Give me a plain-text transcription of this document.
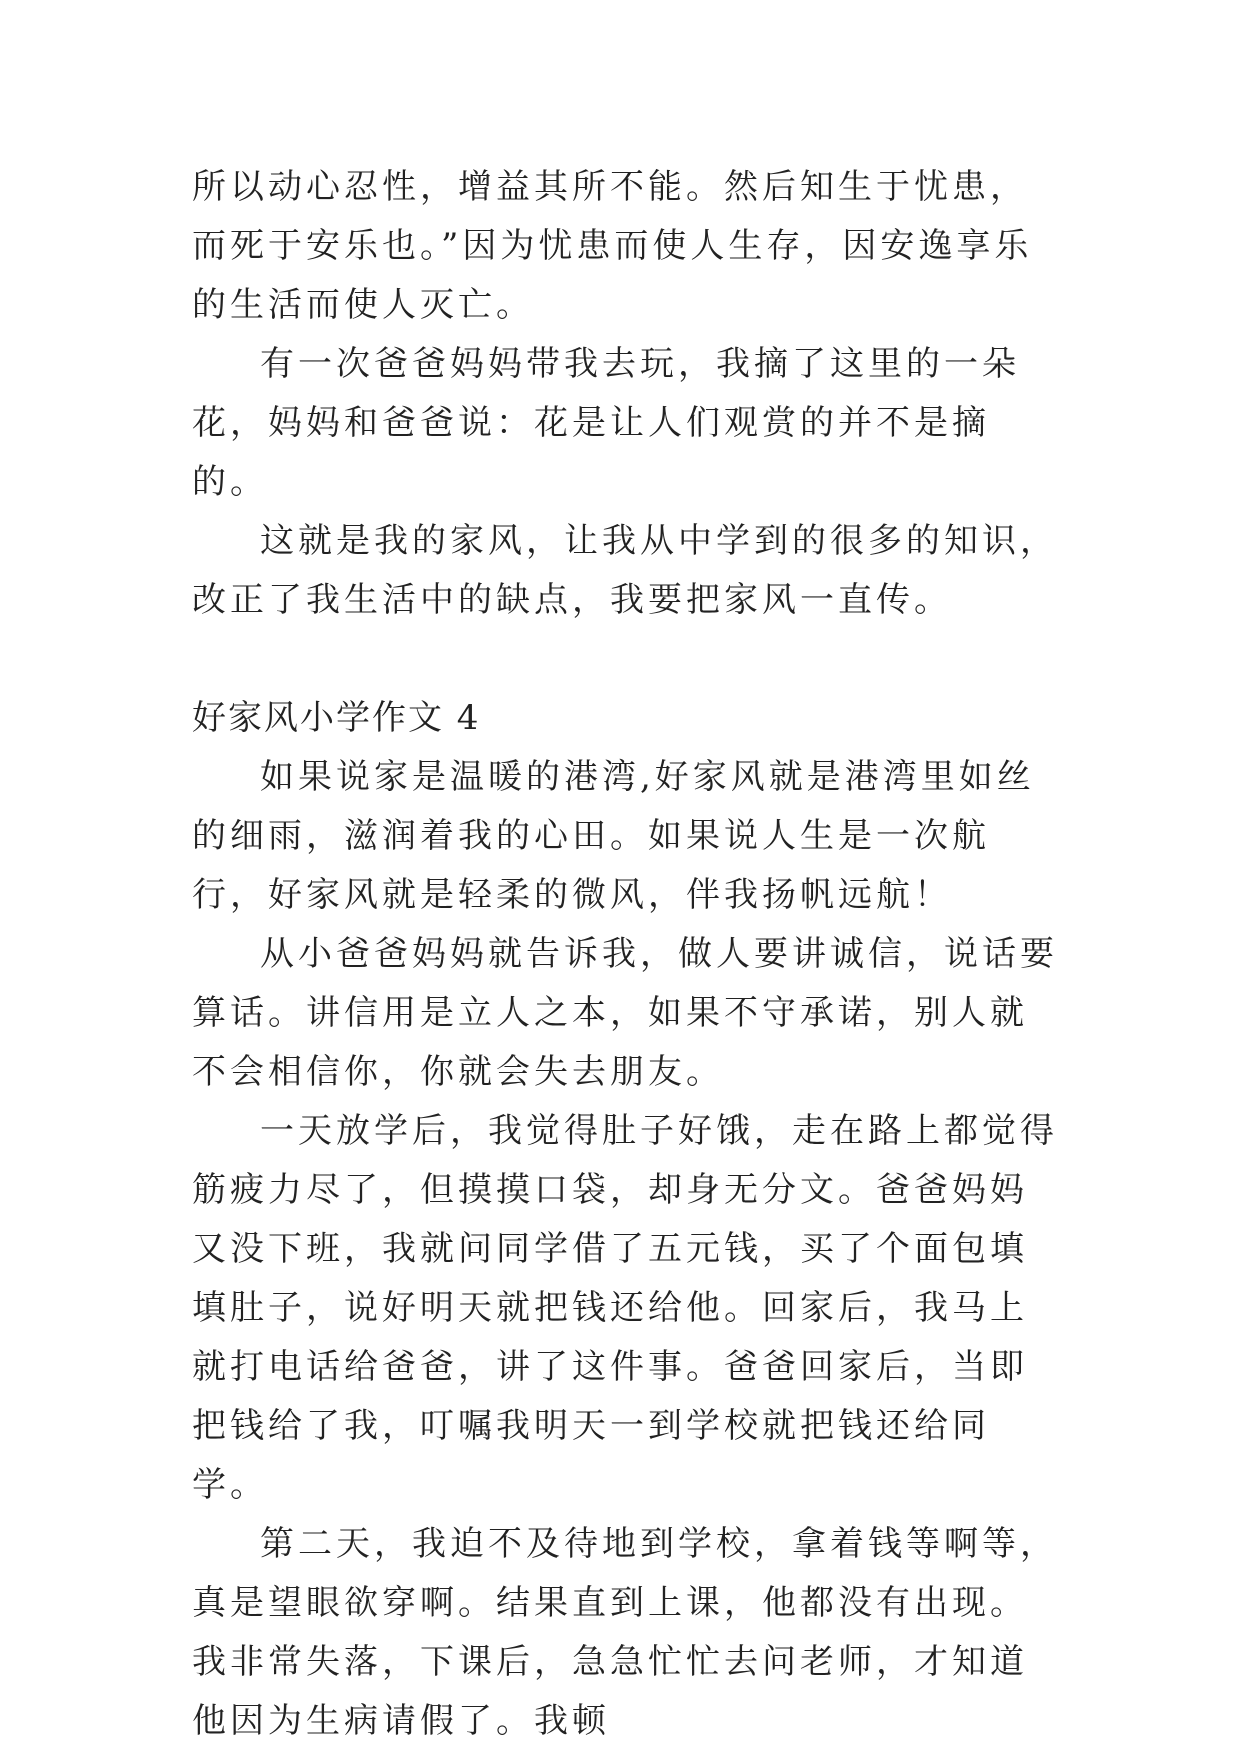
所以动心忍性，增益其所不能。然后知生于忧患，而死于安乐也。”因为忧患而使人生存，因安逸享乐的生活而使人灭亡。

有一次爸爸妈妈带我去玩，我摘了这里的一朵花，妈妈和爸爸说：花是让人们观赏的并不是摘的。

这就是我的家风，让我从中学到的很多的知识，改正了我生活中的缺点，我要把家风一直传。

好家风小学作文 4

如果说家是温暖的港湾,好家风就是港湾里如丝的细雨，滋润着我的心田。如果说人生是一次航行，好家风就是轻柔的微风，伴我扬帆远航！

从小爸爸妈妈就告诉我，做人要讲诚信，说话要算话。讲信用是立人之本，如果不守承诺，别人就不会相信你，你就会失去朋友。

一天放学后，我觉得肚子好饿，走在路上都觉得筋疲力尽了，但摸摸口袋，却身无分文。爸爸妈妈又没下班，我就问同学借了五元钱，买了个面包填填肚子，说好明天就把钱还给他。回家后，我马上就打电话给爸爸，讲了这件事。爸爸回家后，当即把钱给了我，叮嘱我明天一到学校就把钱还给同学。

第二天，我迫不及待地到学校，拿着钱等啊等，真是望眼欲穿啊。结果直到上课，他都没有出现。我非常失落，下课后，急急忙忙去问老师，才知道他因为生病请假了。我顿
